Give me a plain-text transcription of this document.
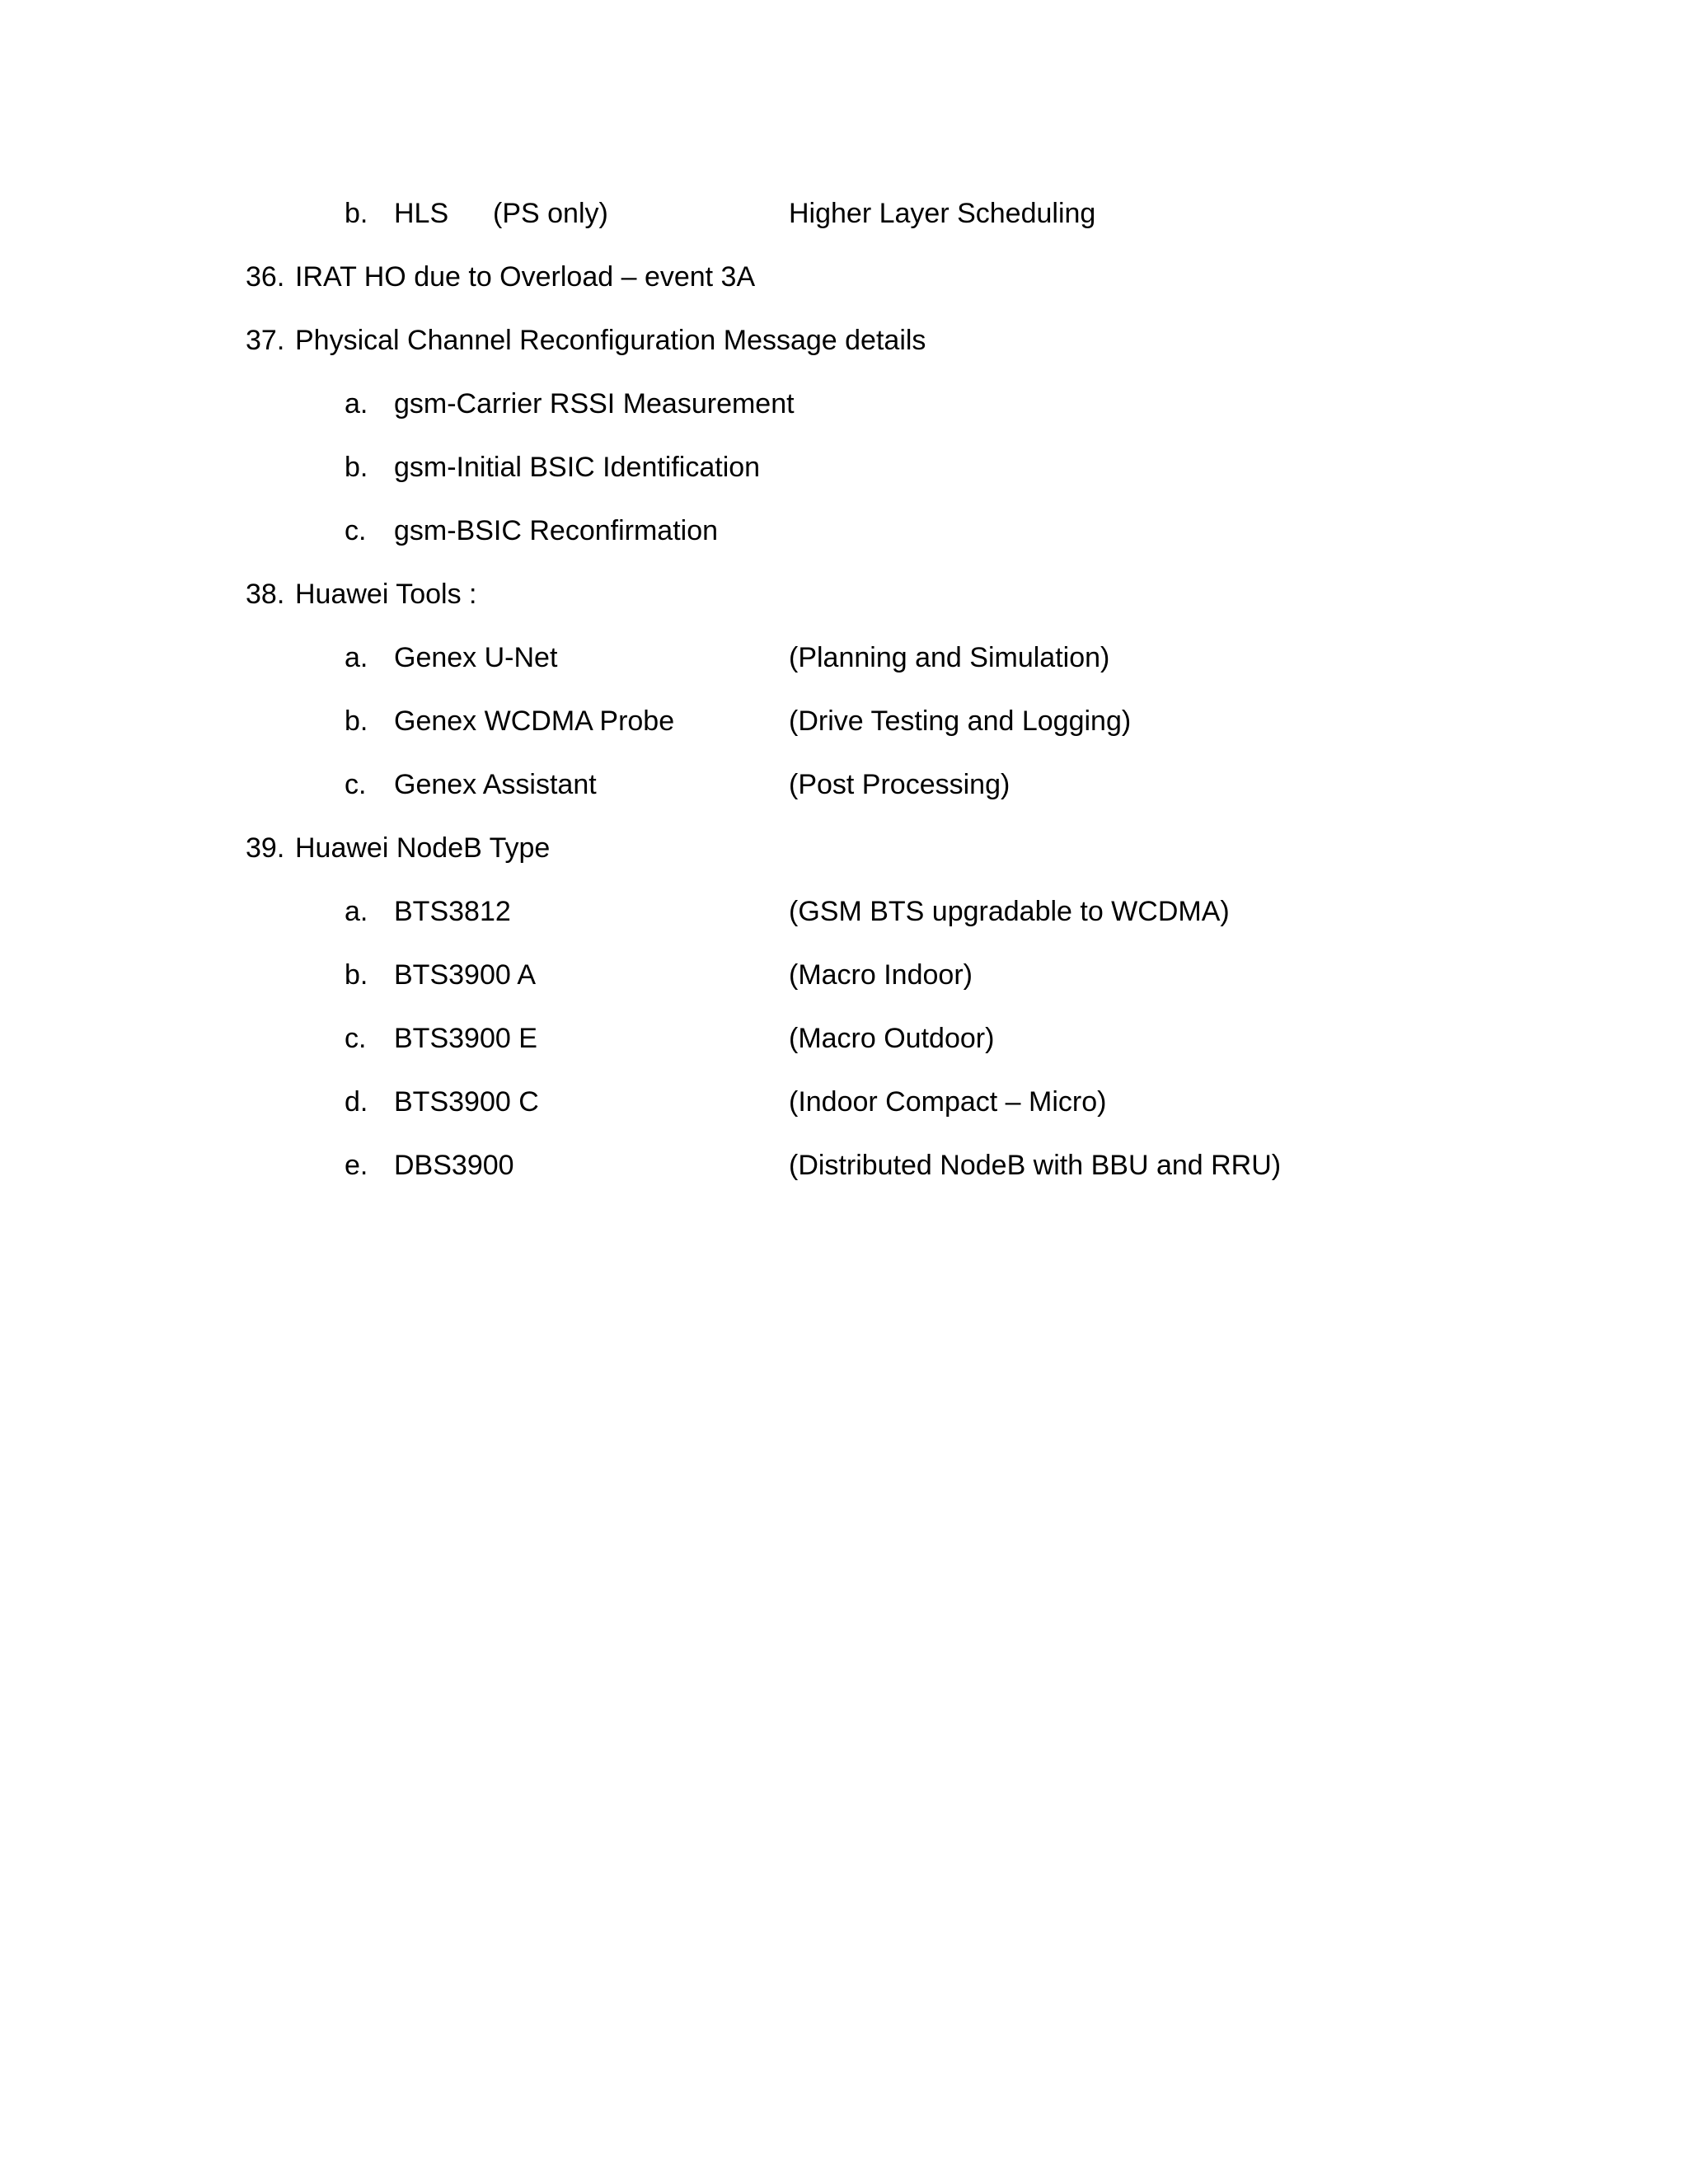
b. HLS (PS only)	Higher Layer Scheduling
36. IRAT HO due to Overload – event 3A
37. Physical Channel Reconfiguration Message details
a. gsm-Carrier RSSI Measurement
b. gsm-Initial BSIC Identification
c. gsm-BSIC Reconfirmation
38. Huawei Tools :
a. Genex U-Net	(Planning and Simulation)
b. Genex WCDMA Probe	(Drive Testing and Logging)
c. Genex Assistant	(Post Processing)
39. Huawei NodeB Type
a. BTS3812	(GSM BTS upgradable to WCDMA)
b. BTS3900 A	(Macro Indoor)
c. BTS3900 E	(Macro Outdoor)
d. BTS3900 C	(Indoor Compact – Micro)
e. DBS3900	(Distributed NodeB with BBU and RRU)
